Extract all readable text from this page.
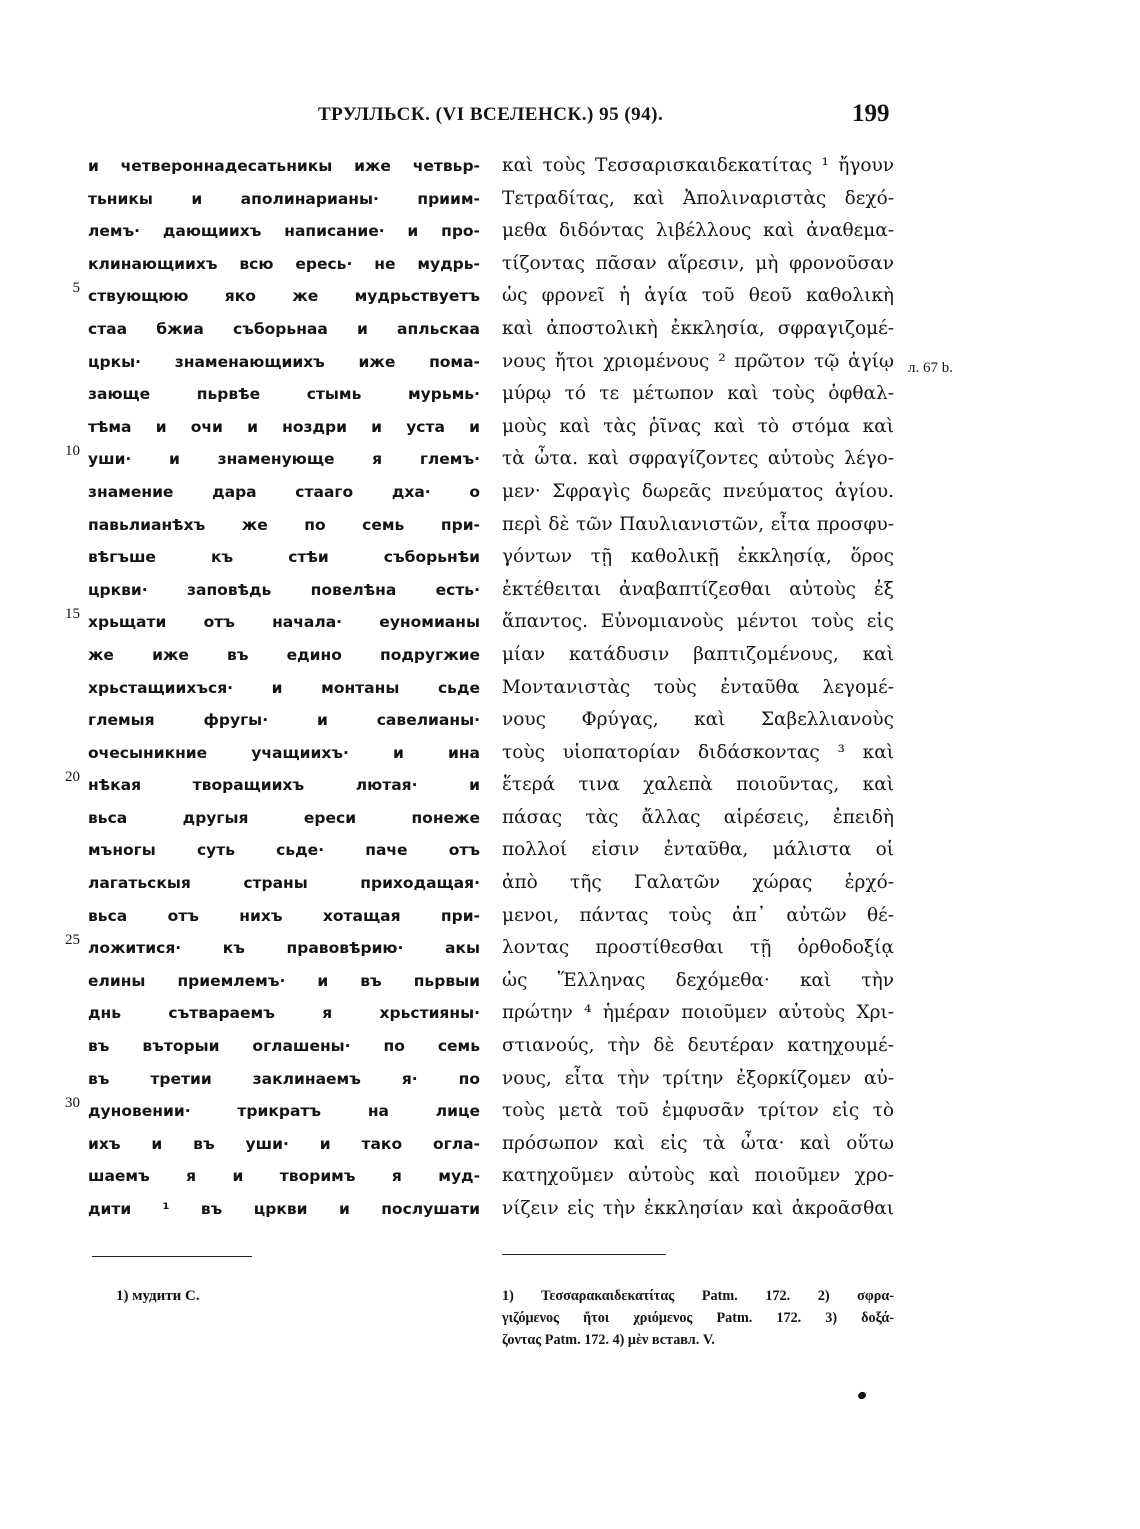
ТРУЛЛЬСК. (VI ВСЕЛЕНСК.) 95 (94).	199
5
10
15
20
25
30
и четвероннадесатьникы иже четвьр-
тьникы и аполинарианы· приим-
лемъ· дающиихъ написание· и про-
клинающиихъ всю ересь· не мудрь-
ствующюю яко же мудрьствуетъ
стаа бжиа съборьнаа и апльскаа
цркы· знаменающиихъ иже пома-
зающе пьрвѣе стымь мурьмь·
тѣма и очи и ноздри и уста и
уши· и знаменующе я глемъ·
знамение дара стааго дха· о
павьлианѣхъ же по семь при-
вѣгъше къ стѣи съборьнѣи
цркви· заповѣдь повелѣна есть·
хрьщати отъ начала· еуномианы
же иже въ едино подругжие
хрьстащиихъся· и монтаны сьде
глемыя фругы· и савелианы·
очесыникние учащиихъ· и ина
нѣкая творащиихъ лютая· и
вьса другыя ереси понеже
мъногы суть сьде· паче отъ
лагатьскыя страны приходащая·
вьса отъ нихъ хотащая при-
ложитися· къ правовѣрию· акы
елины приемлемъ· и въ пьрвыи
днь сътвараемъ я хрьстияны·
въ въторыи оглашены· по семь
въ третии заклинаемъ я· по
дуновении· трикратъ на лице
ихъ и въ уши· и тако огла-
шаемъ я и творимъ я муд-
дити ¹ въ цркви и послушати
καὶ τοὺς Τεσσαρισκαιδεκατίτας ¹ ἤγουν
Τετραδίτας, καὶ Ἀπολιναριστὰς δεχό-
μεθα διδόντας λιβέλλους καὶ ἀναθεμα-
τίζοντας πᾶσαν αἵρεσιν, μὴ φρονοῦσαν
ὡς φρονεῖ ἡ ἁγία τοῦ θεοῦ καθολικὴ
καὶ ἀποστολικὴ ἐκκλησία, σφραγιζομέ-
νους ἤτοι χριομένους ² πρῶτον τῷ ἁγίῳ
μύρῳ τό τε μέτωπον καὶ τοὺς ὀφθαλ-
μοὺς καὶ τὰς ῥῖνας καὶ τὸ στόμα καὶ
τὰ ὦτα. καὶ σφραγίζοντες αὐτοὺς λέγο-
μεν· Σφραγὶς δωρεᾶς πνεύματος ἁγίου.
περὶ δὲ τῶν Παυλιανιστῶν, εἶτα προσφυ-
γόντων τῇ καθολικῇ ἐκκλησίᾳ, ὅρος
ἐκτέθειται ἀναβαπτίζεσθαι αὐτοὺς ἐξ
ἅπαντος. Εὐνομιανοὺς μέντοι τοὺς εἰς
μίαν κατάδυσιν βαπτιζομένους, καὶ
Μοντανιστὰς τοὺς ἐνταῦθα λεγομέ-
νους Φρύγας, καὶ Σαβελλιανοὺς
τοὺς υἱοπατορίαν διδάσκοντας ³ καὶ
ἕτερά τινα χαλεπὰ ποιοῦντας, καὶ
πάσας τὰς ἄλλας αἱρέσεις, ἐπειδὴ
πολλοί εἰσιν ἐνταῦθα, μάλιστα οἱ
ἀπὸ τῆς Γαλατῶν χώρας ἐρχό-
μενοι, πάντας τοὺς ἀπ᾽ αὐτῶν θέ-
λοντας προστίθεσθαι τῇ ὀρθοδοξίᾳ
ὡς Ἕλληνας δεχόμεθα· καὶ τὴν
πρώτην ⁴ ἡμέραν ποιοῦμεν αὐτοὺς Χρι-
στιανούς, τὴν δὲ δευτέραν κατηχουμέ-
νους, εἶτα τὴν τρίτην ἐξορκίζομεν αὐ-
τοὺς μετὰ τοῦ ἐμφυσᾶν τρίτον εἰς τὸ
πρόσωπον καὶ εἰς τὰ ὦτα· καὶ οὕτω
κατηχοῦμεν αὐτοὺς καὶ ποιοῦμεν χρο-
νίζειν εἰς τὴν ἐκκλησίαν καὶ ἀκροᾶσθαι
л. 67 b.
1) мудити С.	1) Τεσσαρακαιδεκατίτας Patm. 172. 2) σφρα-
γιζόμενος ἤτοι χριόμενος Patm. 172. 3) δοξά-
ζοντας Patm. 172. 4) μὲν вставл. V.
